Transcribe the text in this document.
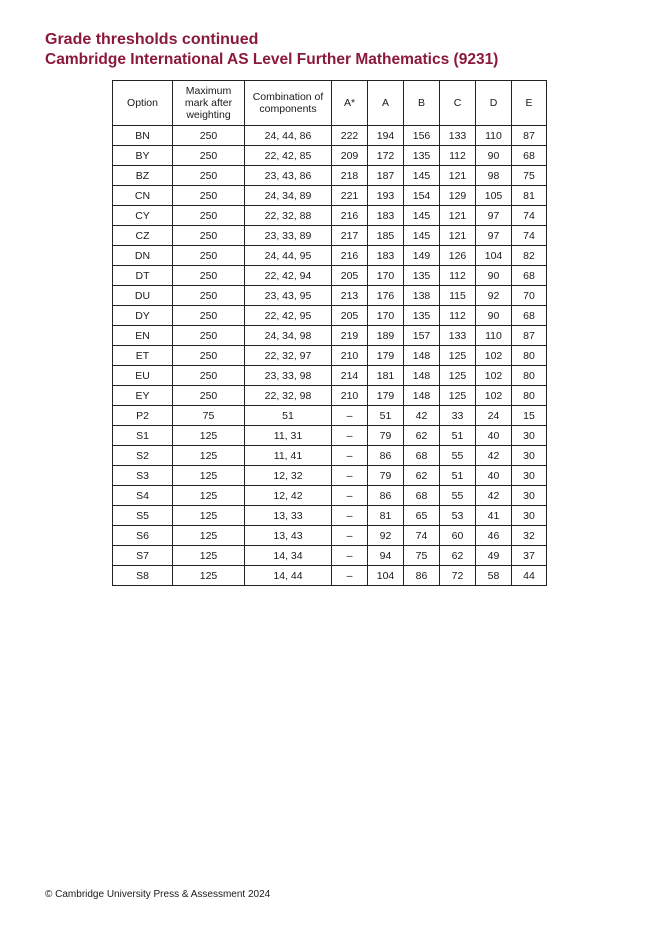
Grade thresholds continued
Cambridge International AS Level Further Mathematics (9231)
Option	Maximum mark after weighting	Combination of components	A*	A	B	C	D	E
BN	250	24, 44, 86	222	194	156	133	110	87
BY	250	22, 42, 85	209	172	135	112	90	68
BZ	250	23, 43, 86	218	187	145	121	98	75
CN	250	24, 34, 89	221	193	154	129	105	81
CY	250	22, 32, 88	216	183	145	121	97	74
CZ	250	23, 33, 89	217	185	145	121	97	74
DN	250	24, 44, 95	216	183	149	126	104	82
DT	250	22, 42, 94	205	170	135	112	90	68
DU	250	23, 43, 95	213	176	138	115	92	70
DY	250	22, 42, 95	205	170	135	112	90	68
EN	250	24, 34, 98	219	189	157	133	110	87
ET	250	22, 32, 97	210	179	148	125	102	80
EU	250	23, 33, 98	214	181	148	125	102	80
EY	250	22, 32, 98	210	179	148	125	102	80
P2	75	51	–	51	42	33	24	15
S1	125	11, 31	–	79	62	51	40	30
S2	125	11, 41	–	86	68	55	42	30
S3	125	12, 32	–	79	62	51	40	30
S4	125	12, 42	–	86	68	55	42	30
S5	125	13, 33	–	81	65	53	41	30
S6	125	13, 43	–	92	74	60	46	32
S7	125	14, 34	–	94	75	62	49	37
S8	125	14, 44	–	104	86	72	58	44
© Cambridge University Press & Assessment 2024
